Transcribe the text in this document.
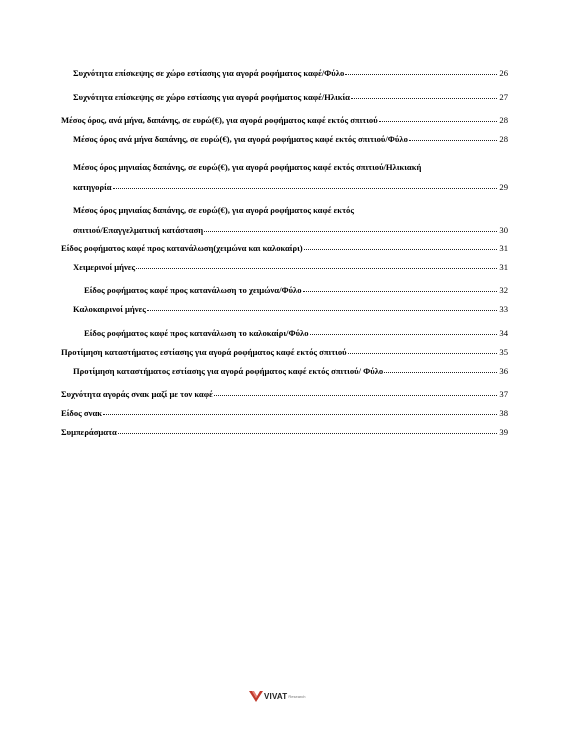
Συχνότητα επίσκεψης σε χώρο εστίασης για αγορά ροφήματος καφέ/Φύλο	26
Συχνότητα επίσκεψης σε χώρο εστίασης για αγορά ροφήματος καφέ/Ηλικία	27
Μέσος όρος, ανά μήνα, δαπάνης, σε ευρώ(€), για αγορά ροφήματος καφέ εκτός σπιτιού	28
Μέσος όρος ανά μήνα δαπάνης, σε ευρώ(€), για αγορά ροφήματος καφέ εκτός σπιτιού/Φύλο	28
Μέσος όρος μηνιαίας δαπάνης, σε ευρώ(€), για αγορά ροφήματος καφέ εκτός σπιτιού/Ηλικιακή
κατηγορία	29
Μέσος όρος μηνιαίας δαπάνης, σε ευρώ(€), για αγορά ροφήματος καφέ εκτός
σπιτιού/Επαγγελματική κατάσταση	30
Είδος ροφήματος καφέ προς κατανάλωση(χειμώνα και καλοκαίρι)	31
Χειμερινοί μήνες	31
Είδος ροφήματος καφέ προς κατανάλωση το χειμώνα/Φύλο	32
Καλοκαιρινοί μήνες	33
Είδος ροφήματος καφέ προς κατανάλωση το καλοκαίρι/Φύλο	34
Προτίμηση καταστήματος εστίασης για αγορά ροφήματος καφέ εκτός σπιτιού	35
Προτίμηση καταστήματος εστίασης για αγορά ροφήματος καφέ εκτός σπιτιού/ Φύλο	36
Συχνότητα αγοράς σνακ μαζί με τον καφέ	37
Είδος σνακ	38
Συμπεράσματα	39
VIVAT Research
